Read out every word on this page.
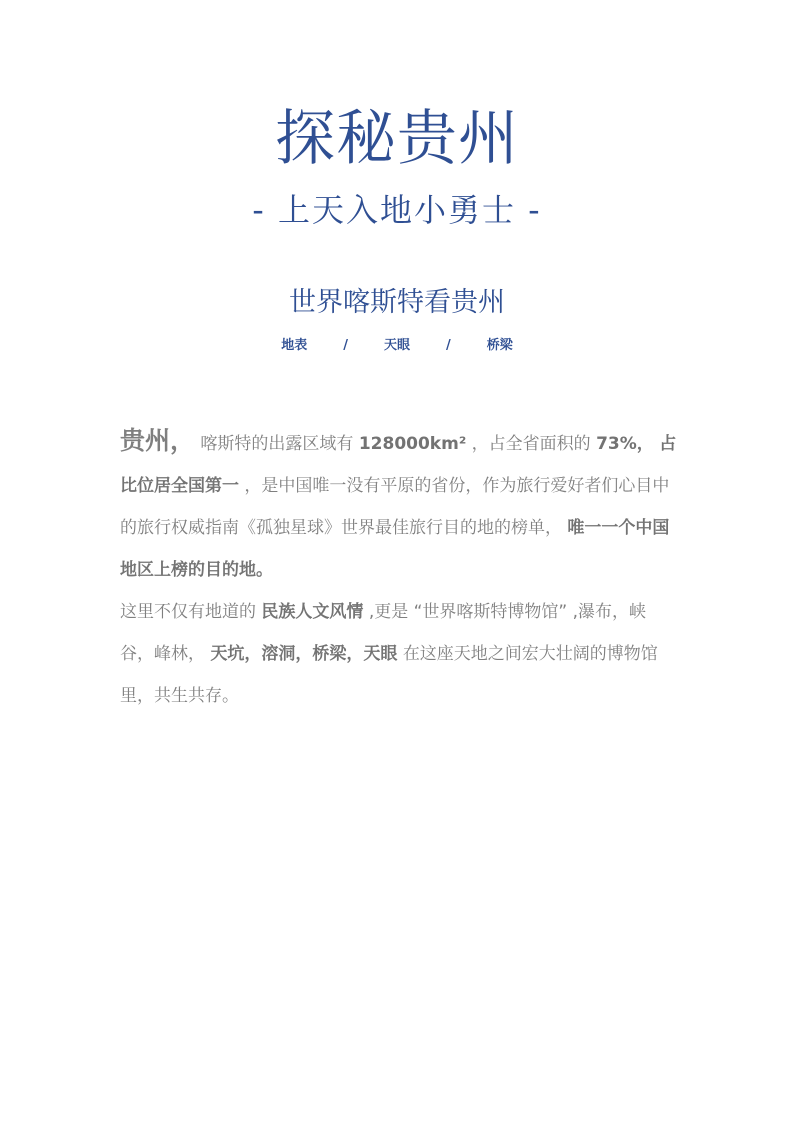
探秘贵州
- 上天入地小勇士 -
世界喀斯特看贵州
地表	/	天眼	/	桥梁

贵州， 喀斯特的出露区域有 128000km² ，占全省面积的 73%， 占比位居全国第一 ，是中国唯一没有平原的省份，作为旅行爱好者们心目中的旅行权威指南《孤独星球》世界最佳旅行目的地的榜单， 唯一一个中国地区上榜的目的地。

这里不仅有地道的 民族人文风情 ,更是 “世界喀斯特博物馆” ,瀑布，峡谷，峰林， 天坑，溶洞，桥梁，天眼 在这座天地之间宏大壮阔的博物馆里，共生共存。
